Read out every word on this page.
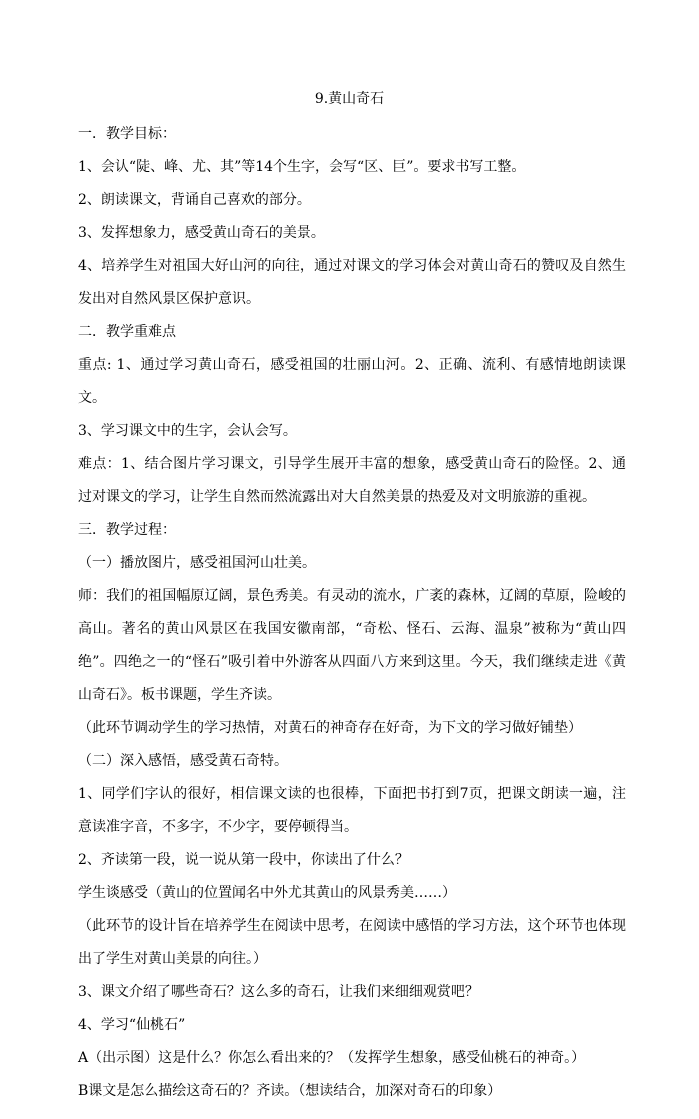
9.黄山奇石

一．教学目标：

1、会认“陡、峰、尤、其”等14个生字，会写“区、巨”。要求书写工整。

2、朗读课文，背诵自己喜欢的部分。

3、发挥想象力，感受黄山奇石的美景。

4、培养学生对祖国大好山河的向往，通过对课文的学习体会对黄山奇石的赞叹及自然生发出对自然风景区保护意识。

二．教学重难点

重点: 1、通过学习黄山奇石，感受祖国的壮丽山河。2、正确、流利、有感情地朗读课文。

3、学习课文中的生字，会认会写。

难点：1、结合图片学习课文，引导学生展开丰富的想象，感受黄山奇石的险怪。2、通过对课文的学习，让学生自然而然流露出对大自然美景的热爱及对文明旅游的重视。

三．教学过程：

（一）播放图片，感受祖国河山壮美。

师：我们的祖国幅原辽阔，景色秀美。有灵动的流水，广袤的森林，辽阔的草原，险峻的高山。著名的黄山风景区在我国安徽南部，“奇松、怪石、云海、温泉”被称为“黄山四绝”。四绝之一的“怪石”吸引着中外游客从四面八方来到这里。今天，我们继续走进《黄山奇石》。板书课题，学生齐读。

（此环节调动学生的学习热情，对黄石的神奇存在好奇，为下文的学习做好铺垫）

（二）深入感悟，感受黄石奇特。

1、同学们字认的很好，相信课文读的也很棒，下面把书打到7页，把课文朗读一遍，注意读准字音，不多字，不少字，要停顿得当。

2、齐读第一段，说一说从第一段中，你读出了什么？

学生谈感受（黄山的位置闻名中外尤其黄山的风景秀美……）

（此环节的设计旨在培养学生在阅读中思考，在阅读中感悟的学习方法，这个环节也体现出了学生对黄山美景的向往。）

3、课文介绍了哪些奇石？这么多的奇石，让我们来细细观赏吧？

4、学习“仙桃石”

A（出示图）这是什么？你怎么看出来的？（发挥学生想象，感受仙桃石的神奇。）

B课文是怎么描绘这奇石的？齐读。（想读结合，加深对奇石的印象）
